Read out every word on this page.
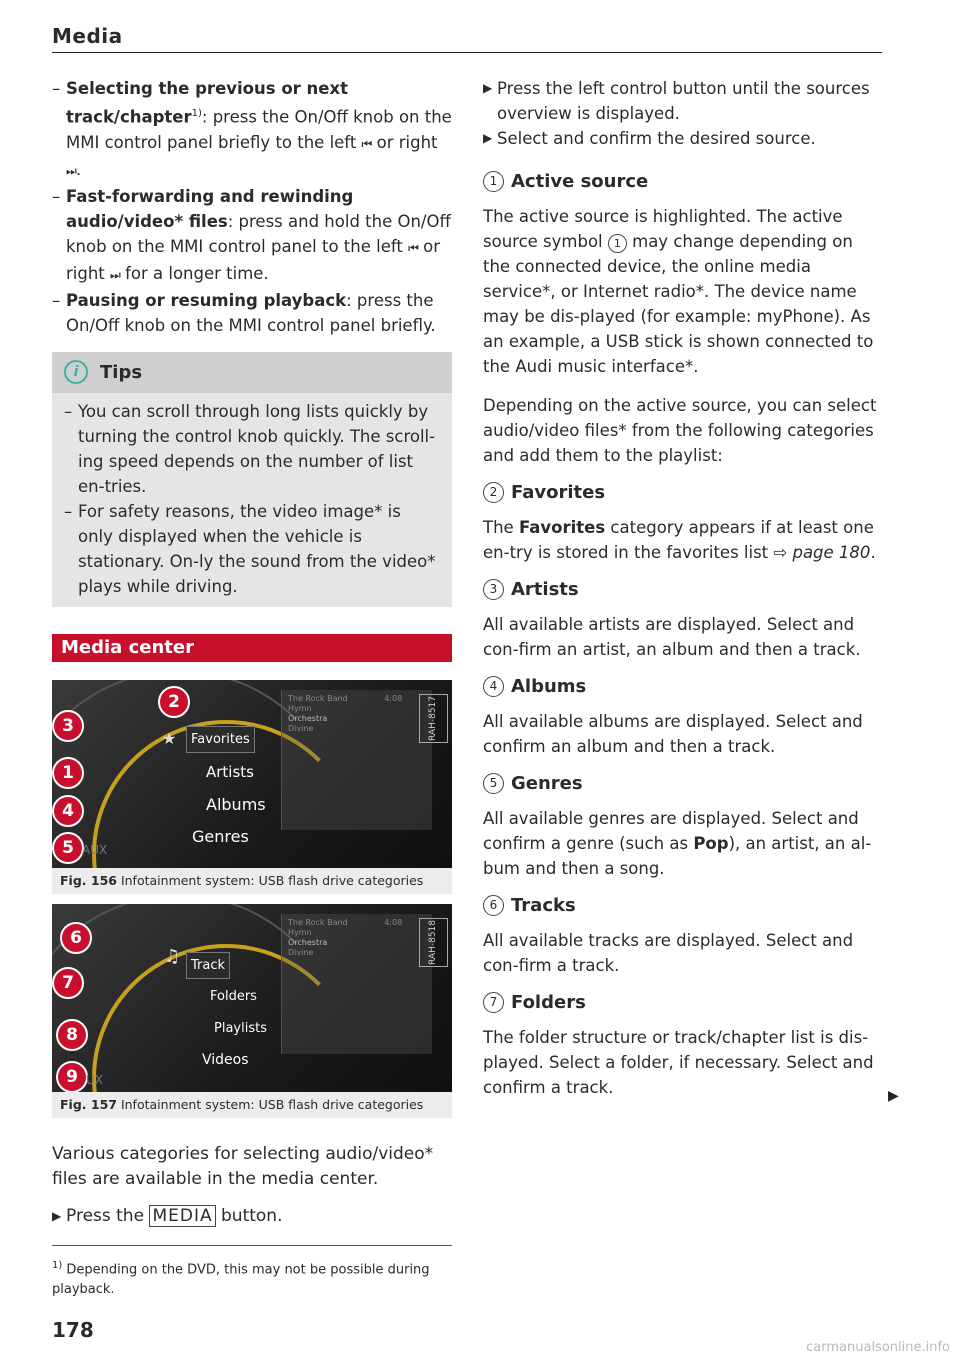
Media
– Selecting the previous or next track/chapter$^{1)}$: press the On/Off knob on the MMI control panel briefly to the left ⏮ or right ⏭.
– Fast-forwarding and rewinding audio/video* files: press and hold the On/Off knob on the MMI control panel to the left ⏮ or right ⏭ for a longer time.
– Pausing or resuming playback: press the On/Off knob on the MMI control panel briefly.
i	Tips
– You can scroll through long lists quickly by turning the control knob quickly. The scroll-ing speed depends on the number of list en-tries.
– For safety reasons, the video image* is only displayed when the vehicle is stationary. On-ly the sound from the video* plays while driving.
Media center
2
3
1
4
5
★	Favorites
Artists
Albums
Genres
AUX
The Rock Band	4:08
Hymn
Orchestra
Divine	RAH-8517
Fig. 156 Infotainment system: USB flash drive categories
6
7
8
9
♫ Track
Folders
Playlists
Videos
UX
The Rock Band	4:08
Hymn
Orchestra
Divine	RAH-8518
Fig. 157 Infotainment system: USB flash drive categories
Various categories for selecting audio/video* files are available in the media center.
▶ Press the MEDIA button.
$^{1)}$ Depending on the DVD, this may not be possible during playback.
178
▶ Press the left control button until the sources overview is displayed.
▶ Select and confirm the desired source.
1 Active source
The active source is highlighted. The active source symbol 1 may change depending on the connected device, the online media service*, or Internet radio*. The device name may be dis-played (for example: myPhone). As an example, a USB stick is shown connected to the Audi music interface*.
Depending on the active source, you can select audio/video files* from the following categories and add them to the playlist:
2 Favorites
The Favorites category appears if at least one en-try is stored in the favorites list ⇨ page 180.
3 Artists
All available artists are displayed. Select and con-firm an artist, an album and then a track.
4 Albums
All available albums are displayed. Select and confirm an album and then a track.
5 Genres
All available genres are displayed. Select and confirm a genre (such as Pop), an artist, an al-bum and then a song.
6 Tracks
All available tracks are displayed. Select and con-firm a track.
7 Folders
The folder structure or track/chapter list is dis-played. Select a folder, if necessary. Select and confirm a track.	▶
carmanualsonline.info
